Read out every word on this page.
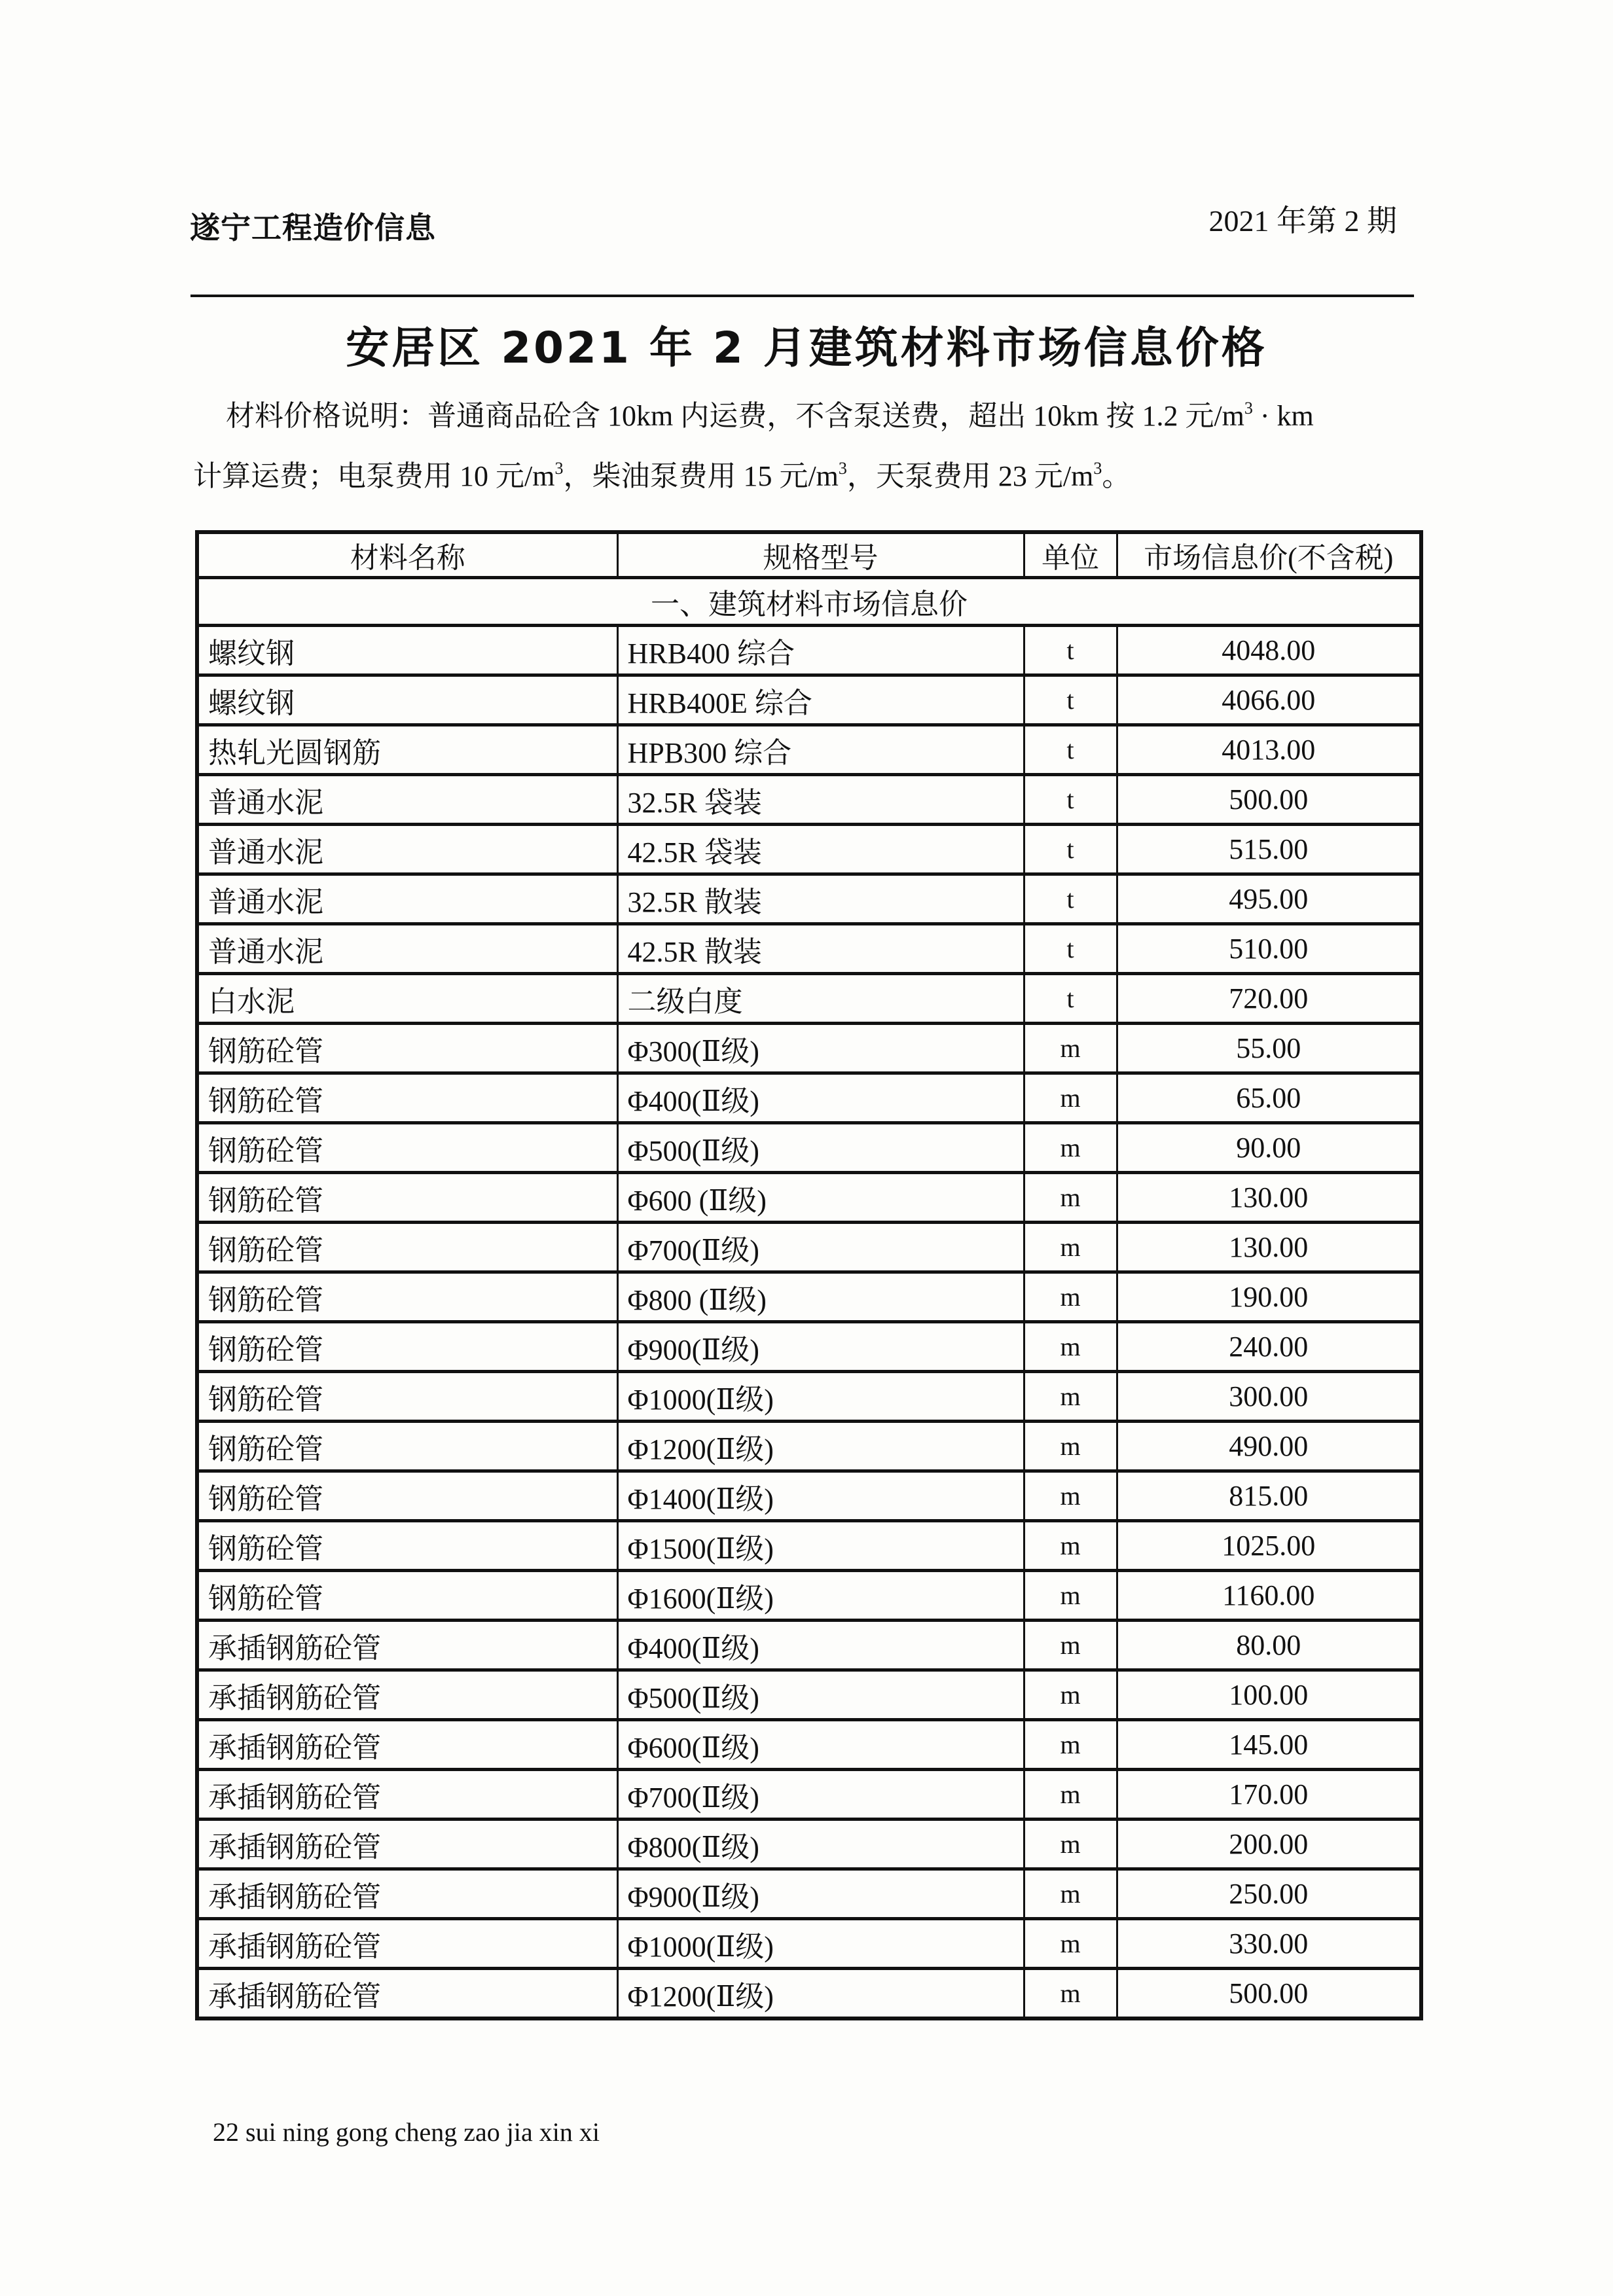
遂宁工程造价信息	2021 年第 2 期
安居区 2021 年 2 月建筑材料市场信息价格
材料价格说明：普通商品砼含 10km 内运费，不含泵送费，超出 10km 按 1.2 元$/m^3$ · km
计算运费；电泵费用 10 元$/m^3$，柴油泵费用 15 元$/m^3$，天泵费用 23 元$/m^3$。
材料名称	规格型号	单位	市场信息价(不含税)
一、建筑材料市场信息价			
螺纹钢	HRB400 综合	t	4048.00
螺纹钢	HRB400E 综合	t	4066.00
热轧光圆钢筋	HPB300 综合	t	4013.00
普通水泥	32.5R 袋装	t	500.00
普通水泥	42.5R 袋装	t	515.00
普通水泥	32.5R 散装	t	495.00
普通水泥	42.5R 散装	t	510.00
白水泥	二级白度	t	720.00
钢筋砼管	Φ300(Ⅱ级)	m	55.00
钢筋砼管	Φ400(Ⅱ级)	m	65.00
钢筋砼管	Φ500(Ⅱ级)	m	90.00
钢筋砼管	Φ600 (Ⅱ级)	m	130.00
钢筋砼管	Φ700(Ⅱ级)	m	130.00
钢筋砼管	Φ800 (Ⅱ级)	m	190.00
钢筋砼管	Φ900(Ⅱ级)	m	240.00
钢筋砼管	Φ1000(Ⅱ级)	m	300.00
钢筋砼管	Φ1200(Ⅱ级)	m	490.00
钢筋砼管	Φ1400(Ⅱ级)	m	815.00
钢筋砼管	Φ1500(Ⅱ级)	m	1025.00
钢筋砼管	Φ1600(Ⅱ级)	m	1160.00
承插钢筋砼管	Φ400(Ⅱ级)	m	80.00
承插钢筋砼管	Φ500(Ⅱ级)	m	100.00
承插钢筋砼管	Φ600(Ⅱ级)	m	145.00
承插钢筋砼管	Φ700(Ⅱ级)	m	170.00
承插钢筋砼管	Φ800(Ⅱ级)	m	200.00
承插钢筋砼管	Φ900(Ⅱ级)	m	250.00
承插钢筋砼管	Φ1000(Ⅱ级)	m	330.00
承插钢筋砼管	Φ1200(Ⅱ级)	m	500.00
22 sui ning gong cheng zao jia xin xi
